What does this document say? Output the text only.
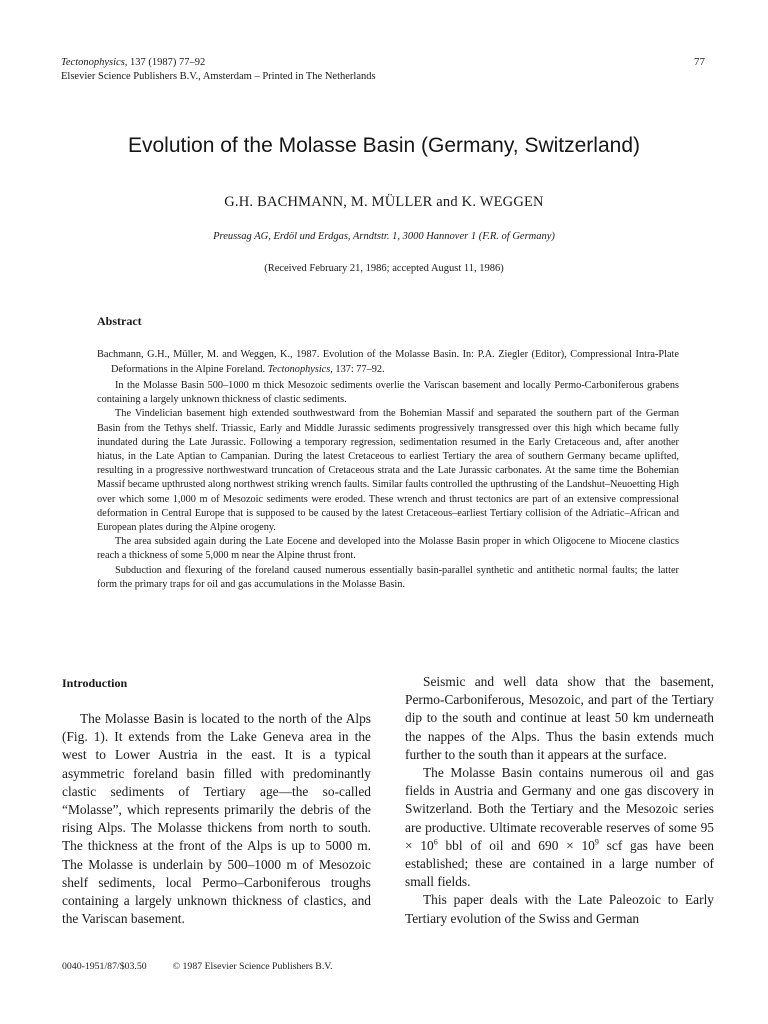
Tectonophysics, 137 (1987) 77–92
Elsevier Science Publishers B.V., Amsterdam – Printed in The Netherlands
77
Evolution of the Molasse Basin (Germany, Switzerland)
G.H. BACHMANN, M. MÜLLER and K. WEGGEN
Preussag AG, Erdöl und Erdgas, Arndtstr. 1, 3000 Hannover 1 (F.R. of Germany)
(Received February 21, 1986; accepted August 11, 1986)
Abstract

Bachmann, G.H., Müller, M. and Weggen, K., 1987. Evolution of the Molasse Basin. In: P.A. Ziegler (Editor), Compressional Intra-Plate Deformations in the Alpine Foreland. Tectonophysics, 137: 77–92.

In the Molasse Basin 500–1000 m thick Mesozoic sediments overlie the Variscan basement and locally Permo-Carboniferous grabens containing a largely unknown thickness of clastic sediments.

The Vindelician basement high extended southwestward from the Bohemian Massif and separated the southern part of the German Basin from the Tethys shelf. Triassic, Early and Middle Jurassic sediments progressively transgressed over this high which became fully inundated during the Late Jurassic. Following a temporary regression, sedimentation resumed in the Early Cretaceous and, after another hiatus, in the Late Aptian to Campanian. During the latest Cretaceous to earliest Tertiary the area of southern Germany became uplifted, resulting in a progressive northwestward truncation of Cretaceous strata and the Late Jurassic carbonates. At the same time the Bohemian Massif became upthrusted along northwest striking wrench faults. Similar faults controlled the upthrusting of the Landshut–Neuoetting High over which some 1,000 m of Mesozoic sediments were eroded. These wrench and thrust tectonics are part of an extensive compressional deformation in Central Europe that is supposed to be caused by the latest Cretaceous–earliest Tertiary collision of the Adriatic–African and European plates during the Alpine orogeny.

The area subsided again during the Late Eocene and developed into the Molasse Basin proper in which Oligocene to Miocene clastics reach a thickness of some 5,000 m near the Alpine thrust front.

Subduction and flexuring of the foreland caused numerous essentially basin-parallel synthetic and antithetic normal faults; the latter form the primary traps for oil and gas accumulations in the Molasse Basin.

Introduction

The Molasse Basin is located to the north of the Alps (Fig. 1). It extends from the Lake Geneva area in the west to Lower Austria in the east. It is a typical asymmetric foreland basin filled with predominantly clastic sediments of Tertiary age—the so-called “Molasse”, which represents primarily the debris of the rising Alps. The Molasse thickens from north to south. The thickness at the front of the Alps is up to 5000 m. The Molasse is underlain by 500–1000 m of Mesozoic shelf sediments, local Permo–Carboniferous troughs containing a largely unknown thickness of clastics, and the Variscan basement.

Seismic and well data show that the basement, Permo-Carboniferous, Mesozoic, and part of the Tertiary dip to the south and continue at least 50 km underneath the nappes of the Alps. Thus the basin extends much further to the south than it appears at the surface.

The Molasse Basin contains numerous oil and gas fields in Austria and Germany and one gas discovery in Switzerland. Both the Tertiary and the Mesozoic series are productive. Ultimate recoverable reserves of some $95 \times 10^6$ bbl of oil and $690 \times 10^9$ scf gas have been established; these are contained in a large number of small fields.

This paper deals with the Late Paleozoic to Early Tertiary evolution of the Swiss and German

0040-1951/87/$03.50	© 1987 Elsevier Science Publishers B.V.
